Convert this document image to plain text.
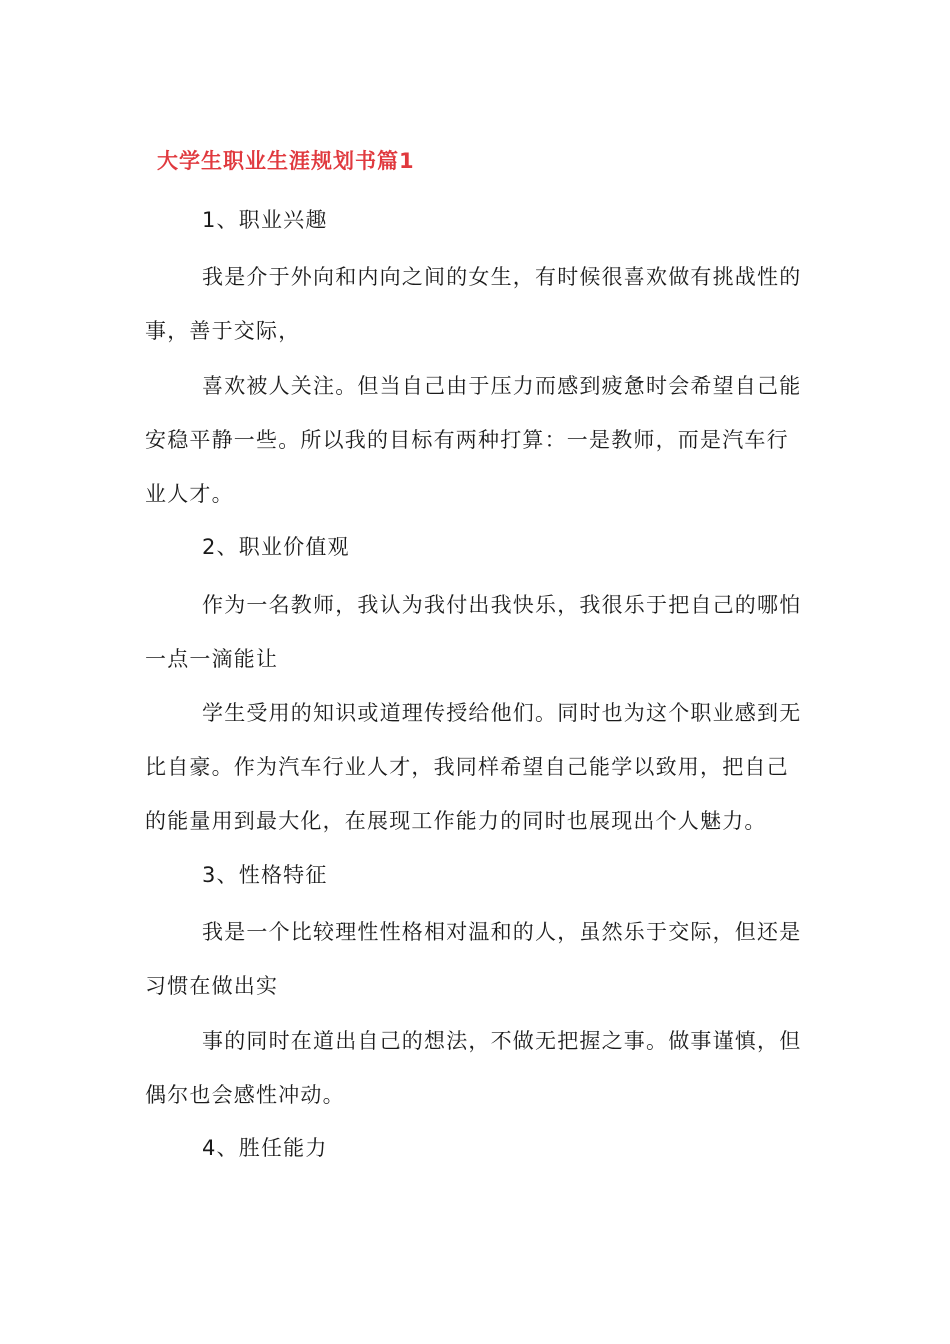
大学生职业生涯规划书篇1
1、职业兴趣

我是介于外向和内向之间的女生，有时候很喜欢做有挑战性的事，善于交际，

喜欢被人关注。但当自己由于压力而感到疲惫时会希望自己能安稳平静一些。所以我的目标有两种打算：一是教师，而是汽车行业人才。

2、职业价值观

作为一名教师，我认为我付出我快乐，我很乐于把自己的哪怕一点一滴能让

学生受用的知识或道理传授给他们。同时也为这个职业感到无比自豪。作为汽车行业人才，我同样希望自己能学以致用，把自己的能量用到最大化，在展现工作能力的同时也展现出个人魅力。

3、性格特征

我是一个比较理性性格相对温和的人，虽然乐于交际，但还是习惯在做出实

事的同时在道出自己的想法，不做无把握之事。做事谨慎，但偶尔也会感性冲动。

4、胜任能力
